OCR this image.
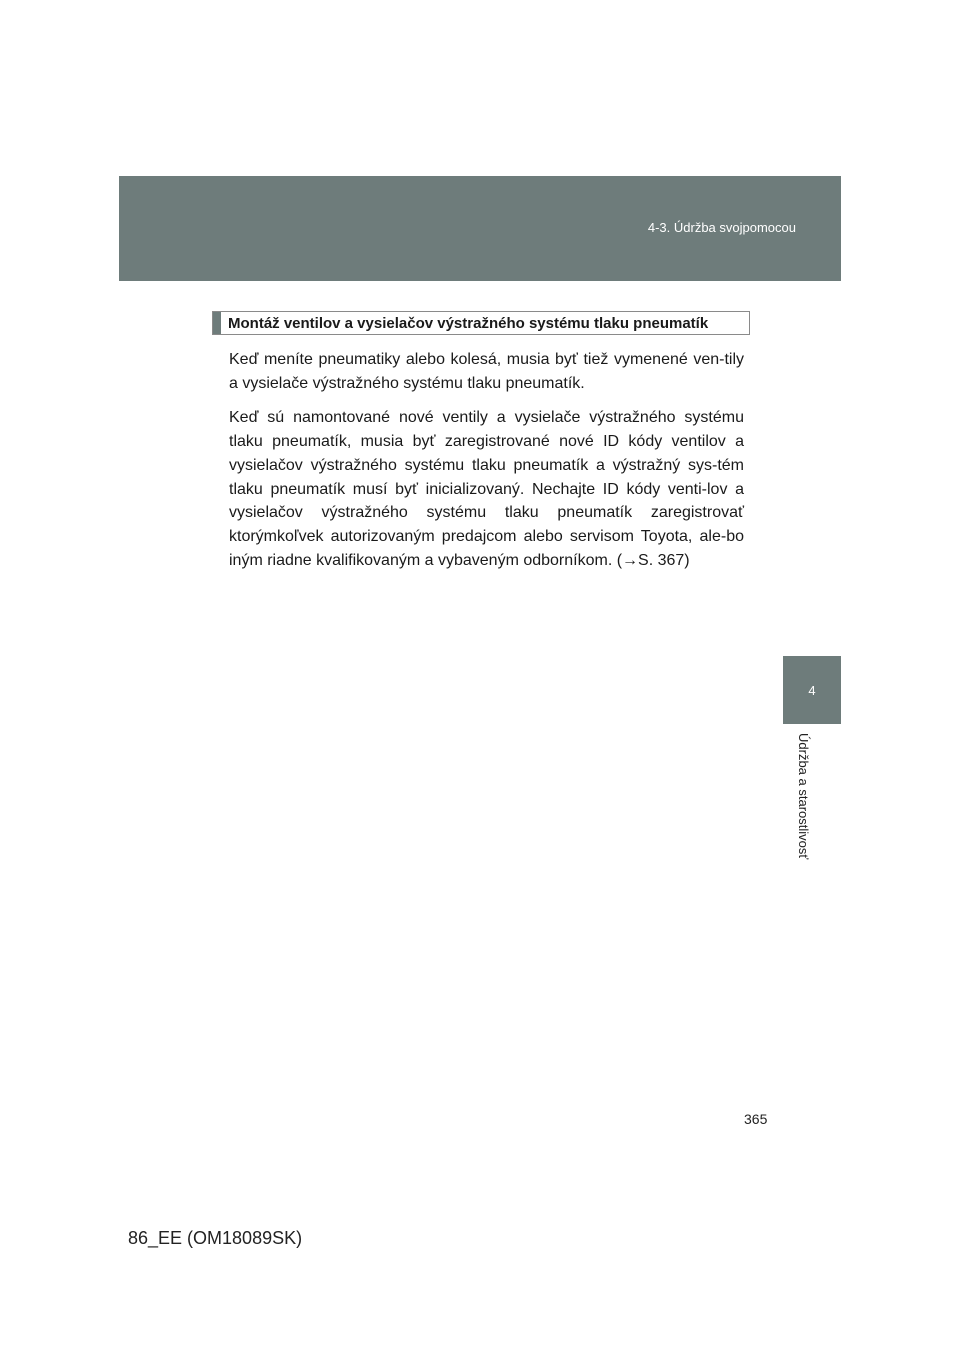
4-3. Údržba svojpomocou
4
Údržba a starostlivosť
Montáž ventilov a vysielačov výstražného systému tlaku pneumatík

Keď meníte pneumatiky alebo kolesá, musia byť tiež vymenené ven-tily a vysielače výstražného systému tlaku pneumatík.

Keď sú namontované nové ventily a vysielače výstražného systému tlaku pneumatík, musia byť zaregistrované nové ID kódy ventilov a vysielačov výstražného systému tlaku pneumatík a výstražný sys-tém tlaku pneumatík musí byť inicializovaný. Nechajte ID kódy venti-lov a vysielačov výstražného systému tlaku pneumatík zaregistrovať ktorýmkoľvek autorizovaným predajcom alebo servisom Toyota, ale-bo iným riadne kvalifikovaným a vybaveným odborníkom. (→S. 367)

365
86_EE (OM18089SK)
